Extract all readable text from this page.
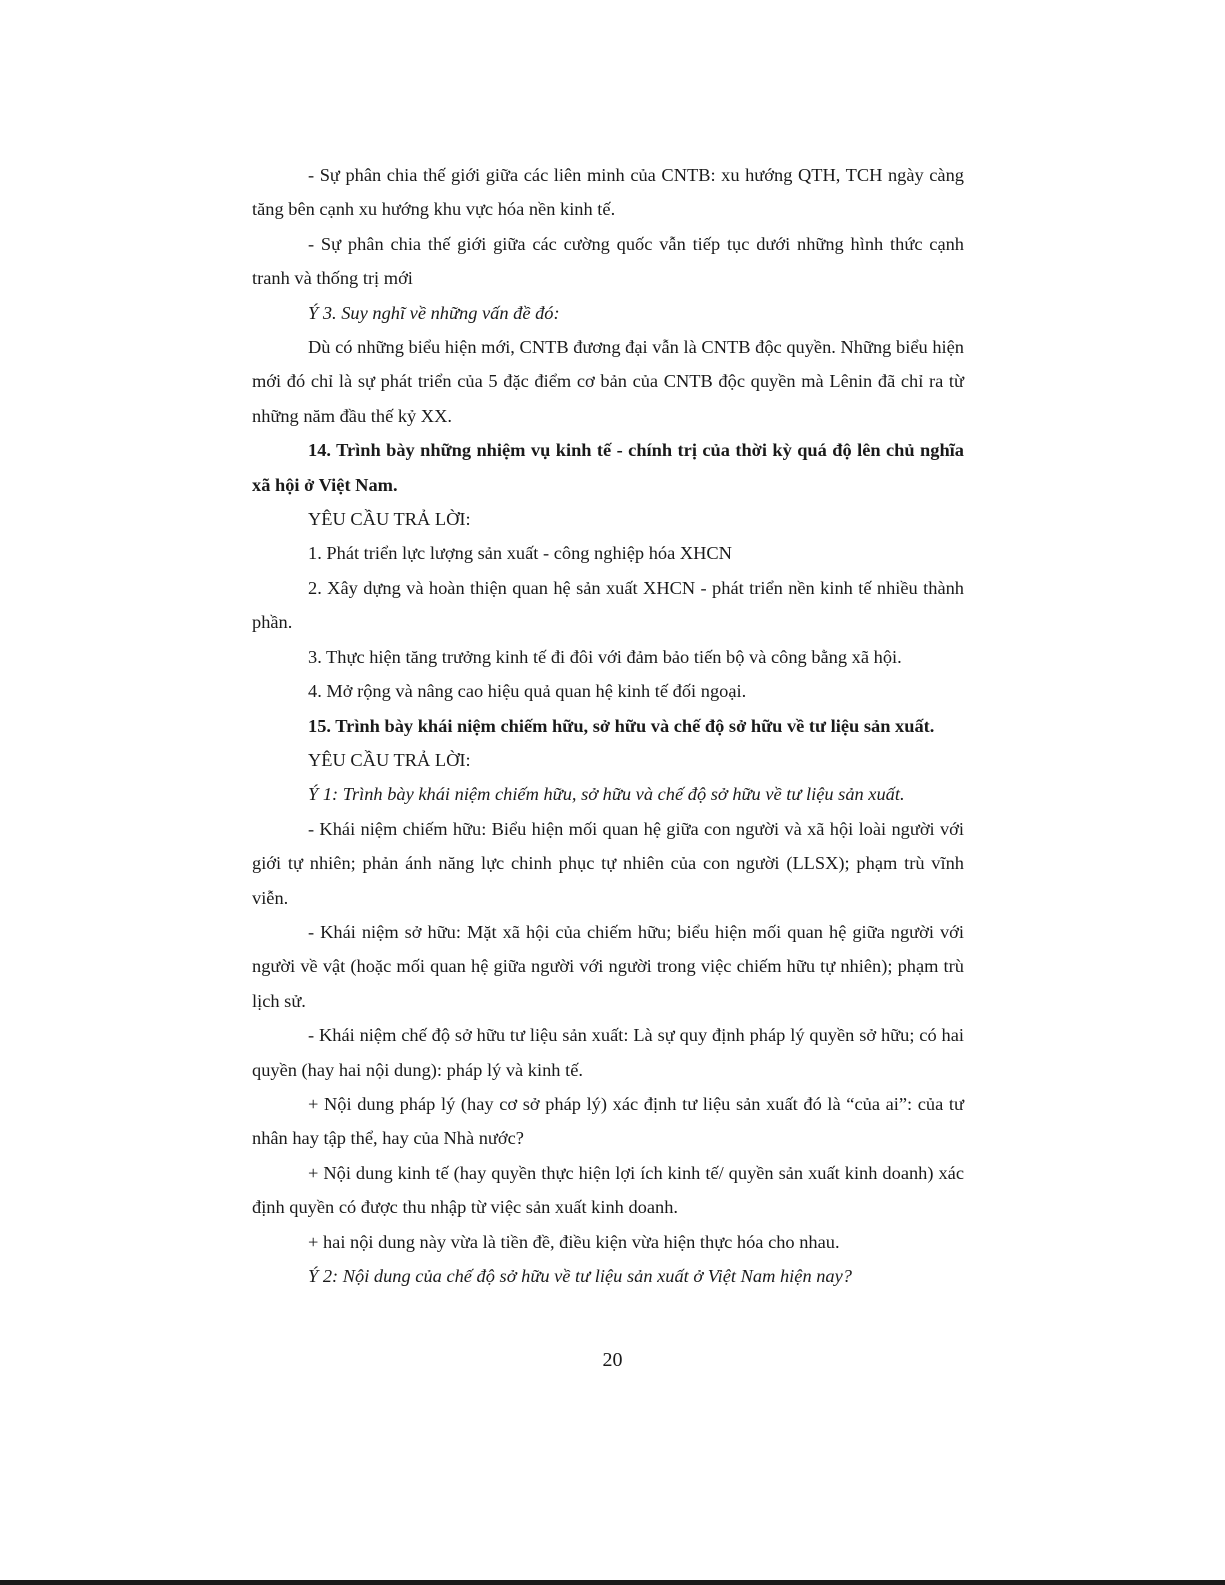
- Sự phân chia thế giới giữa các liên minh của CNTB: xu hướng QTH, TCH ngày càng tăng bên cạnh xu hướng khu vực hóa nền kinh tế.

- Sự phân chia thế giới giữa các cường quốc vẫn tiếp tục dưới những hình thức cạnh tranh và thống trị mới

Ý 3. Suy nghĩ về những vấn đề đó:

Dù có những biểu hiện mới, CNTB đương đại vẫn là CNTB độc quyền. Những biểu hiện mới đó chỉ là sự phát triển của 5 đặc điểm cơ bản của CNTB độc quyền mà Lênin đã chỉ ra từ những năm đầu thế kỷ XX.

14. Trình bày những nhiệm vụ kinh tế - chính trị của thời kỳ quá độ lên chủ nghĩa xã hội ở Việt Nam.

YÊU CẦU TRẢ LỜI:

1. Phát triển lực lượng sản xuất - công nghiệp hóa XHCN

2. Xây dựng và hoàn thiện quan hệ sản xuất XHCN - phát triển nền kinh tế nhiều thành phần.

3. Thực hiện tăng trưởng kinh tế đi đôi với đảm bảo tiến bộ và công bằng xã hội.

4. Mở rộng và nâng cao hiệu quả quan hệ kinh tế đối ngoại.

15. Trình bày khái niệm chiếm hữu, sở hữu và chế độ sở hữu về tư liệu sản xuất.

YÊU CẦU TRẢ LỜI:

Ý 1: Trình bày khái niệm chiếm hữu, sở hữu và chế độ sở hữu về tư liệu sản xuất.

- Khái niệm chiếm hữu: Biểu hiện mối quan hệ giữa con người và xã hội loài người với giới tự nhiên; phản ánh năng lực chinh phục tự nhiên của con người (LLSX); phạm trù vĩnh viễn.

- Khái niệm sở hữu: Mặt xã hội của chiếm hữu; biểu hiện mối quan hệ giữa người với người về vật (hoặc mối quan hệ giữa người với người trong việc chiếm hữu tự nhiên); phạm trù lịch sử.

- Khái niệm chế độ sở hữu tư liệu sản xuất: Là sự quy định pháp lý quyền sở hữu; có hai quyền (hay hai nội dung): pháp lý và kinh tế.

+ Nội dung pháp lý (hay cơ sở pháp lý) xác định tư liệu sản xuất đó là “của ai”: của tư nhân hay tập thể, hay của Nhà nước?

+ Nội dung kinh tế (hay quyền thực hiện lợi ích kinh tế/ quyền sản xuất kinh doanh) xác định quyền có được thu nhập từ việc sản xuất kinh doanh.

+ hai nội dung này vừa là tiền đề, điều kiện vừa hiện thực hóa cho nhau.

Ý 2: Nội dung của chế độ sở hữu về tư liệu sản xuất ở Việt Nam hiện nay?

20
